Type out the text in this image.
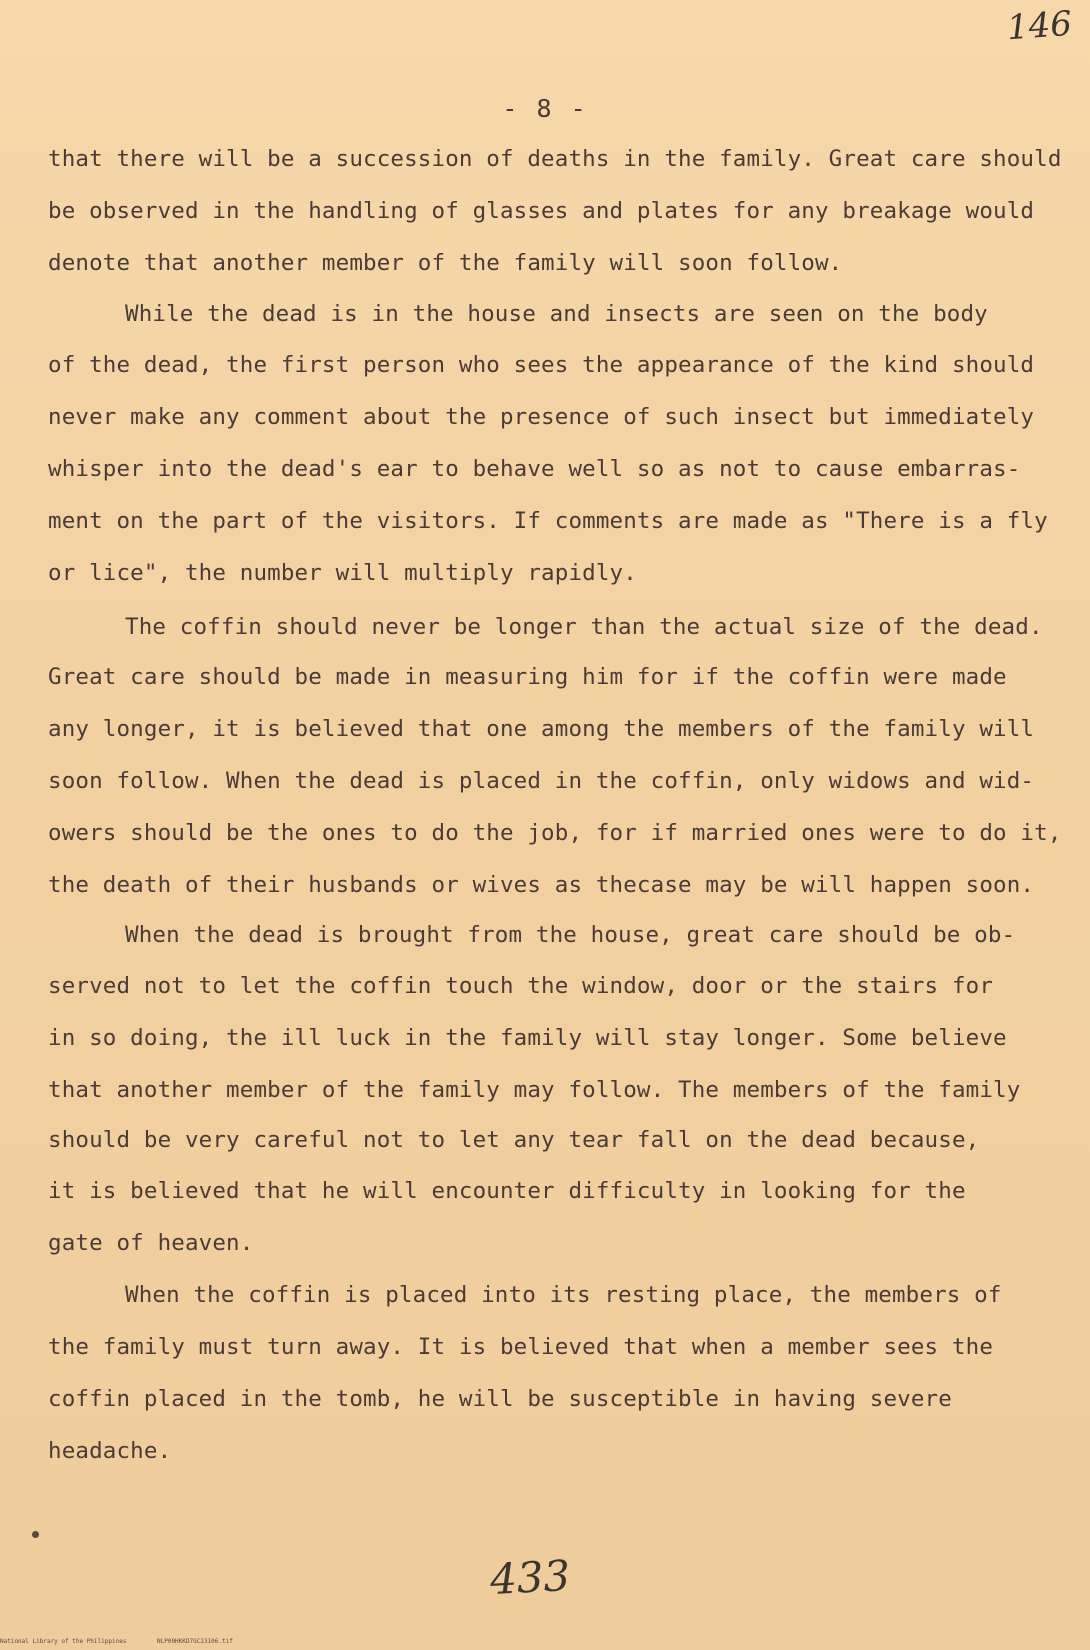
146
- 8 -
that there will be a succession of deaths in the family. Great care should
be observed in the handling of glasses and plates for any breakage would
denote that another member of the family will soon follow.
While the dead is in the house and insects are seen on the body
of the dead, the first person who sees the appearance of the kind should
never make any comment about the presence of such insect but immediately
whisper into the dead's ear to behave well so as not to cause embarras-
ment on the part of the visitors. If comments are made as "There is a fly
or lice", the number will multiply rapidly.
The coffin should never be longer than the actual size of the dead.
Great care should be made in measuring him for if the coffin were made
any longer, it is believed that one among the members of the family will
soon follow. When the dead is placed in the coffin, only widows and wid-
owers should be the ones to do the job, for if married ones were to do it,
the death of their husbands or wives as thecase may be will happen soon.
When the dead is brought from the house, great care should be ob-
served not to let the coffin touch the window, door or the stairs for
in so doing, the ill luck in the family will stay longer. Some believe
that another member of the family may follow. The members of the family
should be very careful not to let any tear fall on the dead because,
it is believed that he will encounter difficulty in looking for the
gate of heaven.
When the coffin is placed into its resting place, the members of
the family must turn away. It is believed that when a member sees the
coffin placed in the tomb, he will be susceptible in having severe
headache.
433
National Library of the Philippines	NLP00HKKD7GC23106.tif
